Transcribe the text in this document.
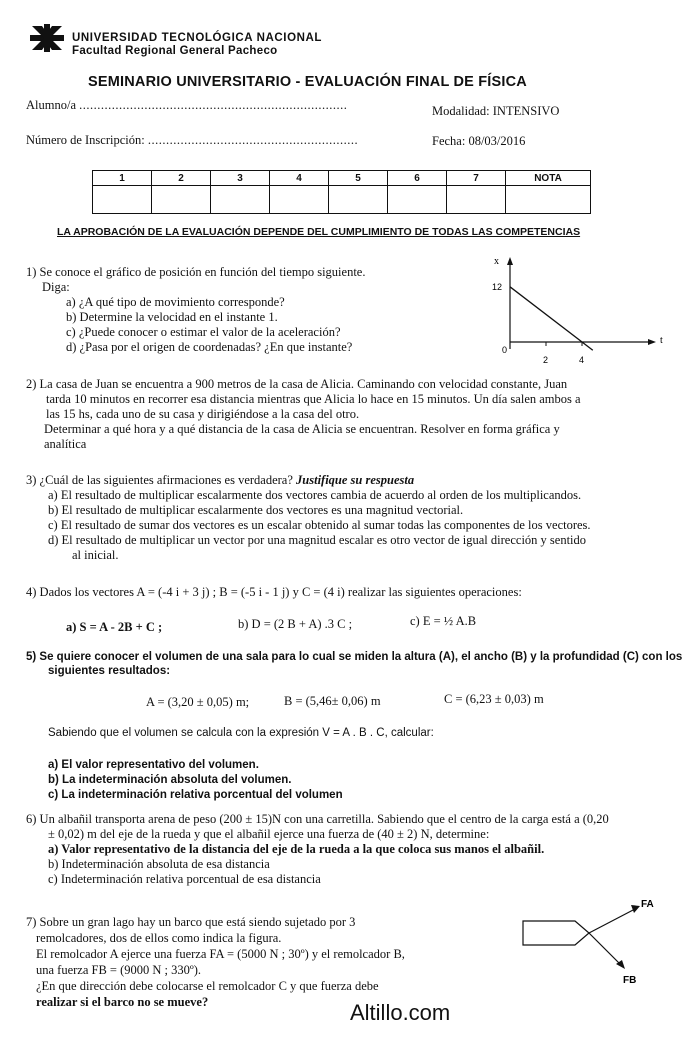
UNIVERSIDAD TECNOLÓGICA NACIONAL
Facultad Regional General Pacheco
SEMINARIO UNIVERSITARIO - EVALUACIÓN FINAL DE FÍSICA
Alumno/a ..........................................................................	Modalidad: INTENSIVO
Número de Inscripción: ..........................................................	Fecha: 08/03/2016
1	2	3	4	5	6	7	NOTA

LA APROBACIÓN DE LA EVALUACIÓN DEPENDE DEL CUMPLIMIENTO DE TODAS LAS COMPETENCIAS
1) Se conoce el gráfico de posición en función del tiempo siguiente.
Diga:
a) ¿A qué tipo de movimiento corresponde?
b) Determine la velocidad en el instante 1.
c) ¿Puede conocer o estimar el valor de la aceleración?
d) ¿Pasa por el origen de coordenadas? ¿En que instante?
x
t
0
12
2	4
2) La casa de Juan se encuentra a 900 metros de la casa de Alicia. Caminando con velocidad constante, Juan
tarda 10 minutos en recorrer esa distancia mientras que Alicia lo hace en 15 minutos. Un día salen ambos a
las 15 hs, cada uno de su casa y dirigiéndose a la casa del otro.
Determinar a qué hora y a qué distancia de la casa de Alicia se encuentran. Resolver en forma gráfica y
analítica
3) ¿Cuál de las siguientes afirmaciones es verdadera? Justifique su respuesta
a) El resultado de multiplicar escalarmente dos vectores cambia de acuerdo al orden de los multiplicandos.
b) El resultado de multiplicar escalarmente dos vectores es una magnitud vectorial.
c) El resultado de sumar dos vectores es un escalar obtenido al sumar todas las componentes de los vectores.
d) El resultado de multiplicar un vector por una magnitud escalar es otro vector de igual dirección y sentido
al inicial.
4) Dados los vectores A = (-4 i + 3 j) ; B = (-5 i - 1 j) y C = (4 i) realizar las siguientes operaciones:
a) S = A - 2B + C ;	b) D = (2 B + A) .3 C ;	c) E = ½ A.B
5) Se quiere conocer el volumen de una sala para lo cual se miden la altura (A), el ancho (B) y la profundidad (C) con los
siguientes resultados:
A = (3,20 ± 0,05) m;	B = (5,46± 0,06) m	C = (6,23 ± 0,03) m
Sabiendo que el volumen se calcula con la expresión V = A . B . C, calcular:
a) El valor representativo del volumen.
b) La indeterminación absoluta del volumen.
c) La indeterminación relativa porcentual del volumen
6) Un albañil transporta arena de peso (200 ± 15)N con una carretilla. Sabiendo que el centro de la carga está a (0,20
± 0,02) m del eje de la rueda y que el albañil ejerce una fuerza de (40 ± 2) N, determine:
a) Valor representativo de la distancia del eje de la rueda a la que coloca sus manos el albañil.
b) Indeterminación absoluta de esa distancia
c) Indeterminación relativa porcentual de esa distancia
7) Sobre un gran lago hay un barco que está siendo sujetado por 3
remolcadores, dos de ellos como indica la figura.
El remolcador A ejerce una fuerza FA = (5000 N ; 30º) y el remolcador B,
una fuerza FB = (9000 N ; 330º).
¿En que dirección debe colocarse el remolcador C y que fuerza debe
realizar si el barco no se mueve?
FA
FB
Altillo.com
